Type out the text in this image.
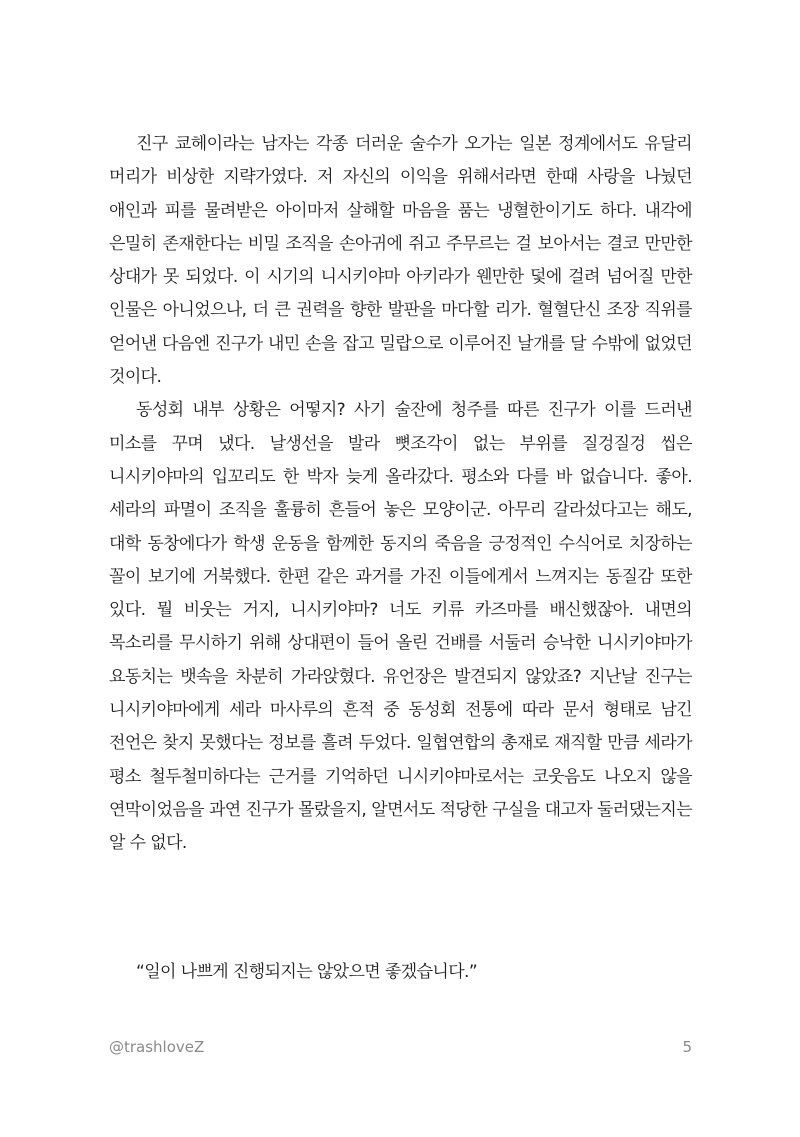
진구 쿄헤이라는 남자는 각종 더러운 술수가 오가는 일본 정계에서도 유달리 머리가 비상한 지략가였다. 저 자신의 이익을 위해서라면 한때 사랑을 나눴던 애인과 피를 물려받은 아이마저 살해할 마음을 품는 냉혈한이기도 하다. 내각에 은밀히 존재한다는 비밀 조직을 손아귀에 쥐고 주무르는 걸 보아서는 결코 만만한 상대가 못 되었다. 이 시기의 니시키야마 아키라가 웬만한 덫에 걸려 넘어질 만한 인물은 아니었으나, 더 큰 권력을 향한 발판을 마다할 리가. 혈혈단신 조장 직위를 얻어낸 다음엔 진구가 내민 손을 잡고 밀랍으로 이루어진 날개를 달 수밖에 없었던 것이다.

동성회 내부 상황은 어떻지? 사기 술잔에 청주를 따른 진구가 이를 드러낸 미소를 꾸며 냈다. 날생선을 발라 뼛조각이 없는 부위를 질겅질겅 씹은 니시키야마의 입꼬리도 한 박자 늦게 올라갔다. 평소와 다를 바 없습니다. 좋아. 세라의 파멸이 조직을 훌륭히 흔들어 놓은 모양이군. 아무리 갈라섰다고는 해도, 대학 동창에다가 학생 운동을 함께한 동지의 죽음을 긍정적인 수식어로 치장하는 꼴이 보기에 거북했다. 한편 같은 과거를 가진 이들에게서 느껴지는 동질감 또한 있다. 뭘 비웃는 거지, 니시키야마? 너도 키류 카즈마를 배신했잖아. 내면의 목소리를 무시하기 위해 상대편이 들어 올린 건배를 서둘러 승낙한 니시키야마가 요동치는 뱃속을 차분히 가라앉혔다. 유언장은 발견되지 않았죠? 지난날 진구는 니시키야마에게 세라 마사루의 흔적 중 동성회 전통에 따라 문서 형태로 남긴 전언은 찾지 못했다는 정보를 흘려 두었다. 일협연합의 총재로 재직할 만큼 세라가 평소 철두철미하다는 근거를 기억하던 니시키야마로서는 코웃음도 나오지 않을 연막이었음을 과연 진구가 몰랐을지, 알면서도 적당한 구실을 대고자 둘러댔는지는 알 수 없다.

“일이 나쁘게 진행되지는 않았으면 좋겠습니다.”

@trashloveZ	5
